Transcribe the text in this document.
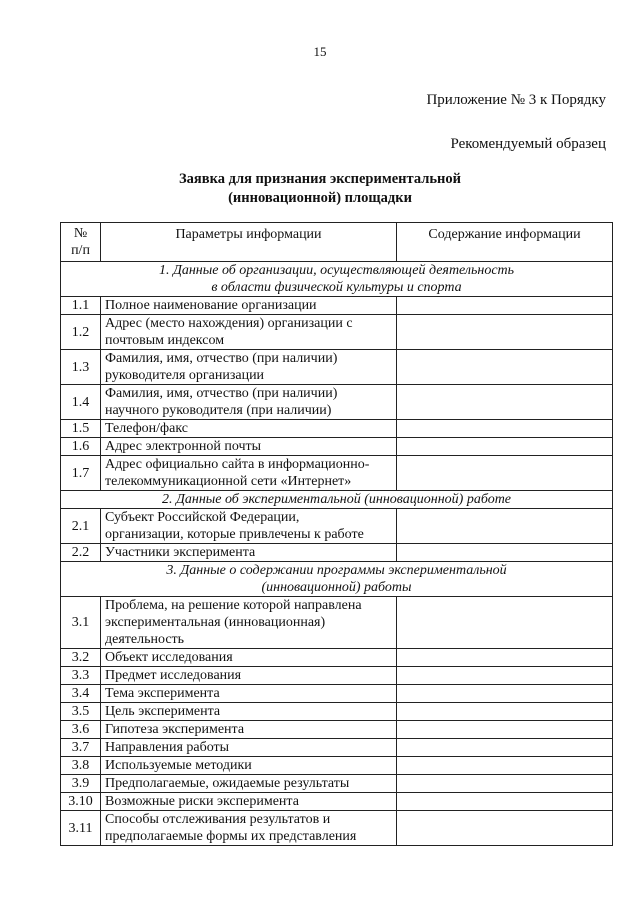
15
Приложение № 3 к Порядку
Рекомендуемый образец
Заявка для признания экспериментальной
(инновационной) площадки
№
п/п	Параметры информации	Содержание информации

1. Данные об организации, осуществляющей деятельность
в области физической культуры и спорта		

1.1	Полное наименование организации	

1.2	Адрес (место нахождения) организации с
почтовым индексом	

1.3	Фамилия, имя, отчество (при наличии)
руководителя организации	

1.4	Фамилия, имя, отчество (при наличии)
научного руководителя (при наличии)	

1.5	Телефон/факс	

1.6	Адрес электронной почты	

1.7	Адрес официально сайта в информационно-
телекоммуникационной сети «Интернет»	

2. Данные об экспериментальной (инновационной) работе		

2.1	Субъект Российской Федерации,
организации, которые привлечены к работе	

2.2	Участники эксперимента	

3. Данные о содержании программы экспериментальной
(инновационной) работы		

3.1	Проблема, на решение которой направлена
экспериментальная (инновационная)
деятельность	

3.2	Объект исследования	

3.3	Предмет исследования	

3.4	Тема эксперимента	

3.5	Цель эксперимента	

3.6	Гипотеза эксперимента	

3.7	Направления работы	

3.8	Используемые методики	

3.9	Предполагаемые, ожидаемые результаты	

3.10	Возможные риски эксперимента	

3.11	Способы отслеживания результатов и
предполагаемые формы их представления	
